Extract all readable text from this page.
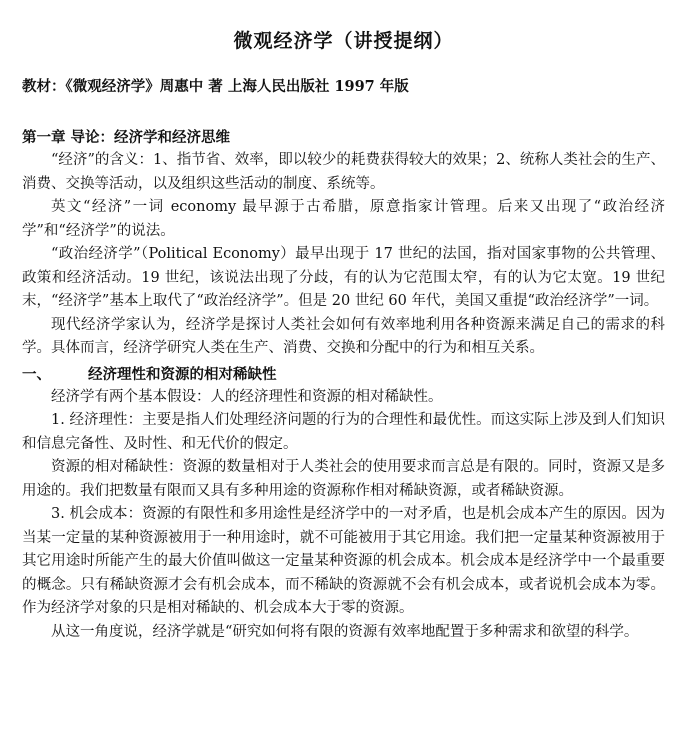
微观经济学（讲授提纲）
教材：《微观经济学》周惠中 著 上海人民出版社 1997 年版
第一章 导论：经济学和经济思维

“经济”的含义：1、指节省、效率，即以较少的耗费获得较大的效果；2、统称人类社会的生产、消费、交换等活动，以及组织这些活动的制度、系统等。

英文“经济”一词 economy 最早源于古希腊，原意指家计管理。后来又出现了“政治经济学”和“经济学”的说法。

“政治经济学”（Political Economy）最早出现于 17 世纪的法国，指对国家事物的公共管理、政策和经济活动。19 世纪，该说法出现了分歧，有的认为它范围太窄，有的认为它太宽。19 世纪末，“经济学”基本上取代了“政治经济学”。但是 20 世纪 60 年代，美国又重提“政治经济学”一词。

现代经济学家认为，经济学是探讨人类社会如何有效率地利用各种资源来满足自己的需求的科学。具体而言，经济学研究人类在生产、消费、交换和分配中的行为和相互关系。

一、	经济理性和资源的相对稀缺性

经济学有两个基本假设：人的经济理性和资源的相对稀缺性。

1. 经济理性：主要是指人们处理经济问题的行为的合理性和最优性。而这实际上涉及到人们知识和信息完备性、及时性、和无代价的假定。

资源的相对稀缺性：资源的数量相对于人类社会的使用要求而言总是有限的。同时，资源又是多用途的。我们把数量有限而又具有多种用途的资源称作相对稀缺资源，或者稀缺资源。

3. 机会成本：资源的有限性和多用途性是经济学中的一对矛盾，也是机会成本产生的原因。因为当某一定量的某种资源被用于一种用途时，就不可能被用于其它用途。我们把一定量某种资源被用于其它用途时所能产生的最大价值叫做这一定量某种资源的机会成本。机会成本是经济学中一个最重要的概念。只有稀缺资源才会有机会成本，而不稀缺的资源就不会有机会成本，或者说机会成本为零。作为经济学对象的只是相对稀缺的、机会成本大于零的资源。

从这一角度说，经济学就是“研究如何将有限的资源有效率地配置于多种需求和欲望的科学。
